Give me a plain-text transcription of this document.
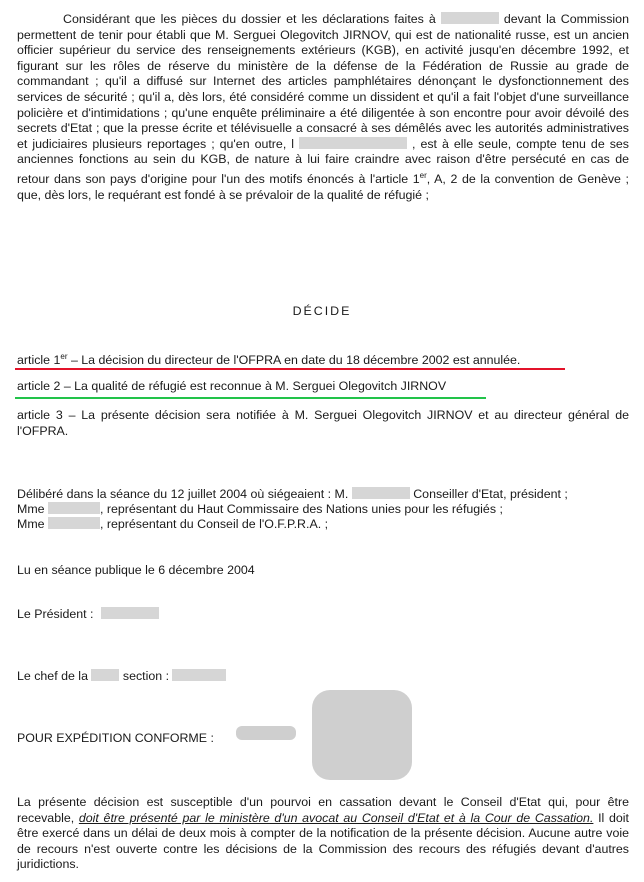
Considérant que les pièces du dossier et les déclarations faites à	devant la Commission permettent de tenir pour établi que M. Serguei Olegovitch JIRNOV, qui est de nationalité russe, est un ancien officier supérieur du service des renseignements extérieurs (KGB), en activité jusqu'en décembre 1992, et figurant sur les rôles de réserve du ministère de la défense de la Fédération de Russie au grade de commandant ; qu'il a diffusé sur Internet des articles pamphlétaires dénonçant le dysfonctionnement des services de sécurité ; qu'il a, dès lors, été considéré comme un dissident et qu'il a fait l'objet d'une surveillance policière et d'intimidations ; qu'une enquête préliminaire a été diligentée à son encontre pour avoir dévoilé des secrets d'Etat ; que la presse écrite et télévisuelle a consacré à ses démêlés avec les autorités administratives et judiciaires plusieurs reportages ; qu'en outre, l	, est à elle seule, compte tenu de ses anciennes fonctions au sein du KGB, de nature à lui faire craindre avec raison d'être persécuté en cas de retour dans son pays d'origine pour l'un des motifs énoncés à l'article 1er, A, 2 de la convention de Genève ; que, dès lors, le requérant est fondé à se prévaloir de la qualité de réfugié ;
DÉCIDE
article 1er – La décision du directeur de l'OFPRA en date du 18 décembre 2002 est annulée.
article 2 – La qualité de réfugié est reconnue à M. Serguei Olegovitch JIRNOV
article 3 – La présente décision sera notifiée à M. Serguei Olegovitch JIRNOV et au directeur général de l'OFPRA.
Délibéré dans la séance du 12 juillet 2004 où siégeaient : M.	Conseiller d'Etat, président ;
Mme	, représentant du Haut Commissaire des Nations unies pour les réfugiés ;
Mme	, représentant du Conseil de l'O.F.P.R.A. ;
Lu en séance publique le 6 décembre 2004
Le Président :
Le chef de la	section :
POUR EXPÉDITION CONFORME :
La présente décision est susceptible d'un pourvoi en cassation devant le Conseil d'Etat qui, pour être recevable, doit être présenté par le ministère d'un avocat au Conseil d'Etat et à la Cour de Cassation. Il doit être exercé dans un délai de deux mois à compter de la notification de la présente décision. Aucune autre voie de recours n'est ouverte contre les décisions de la Commission des recours des réfugiés devant d'autres juridictions.
